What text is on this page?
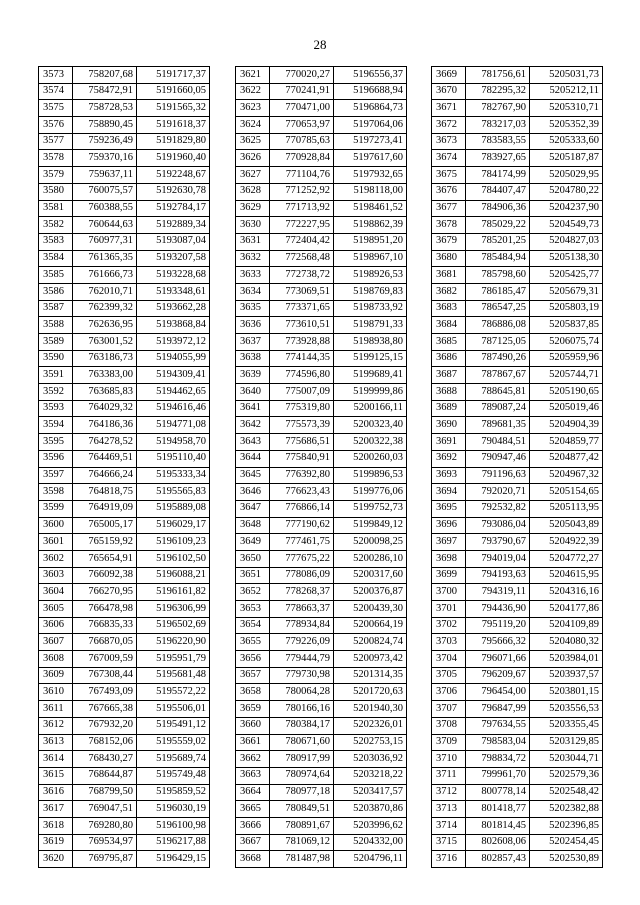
28
3573	758207,68	5191717,37
3574	758472,91	5191660,05
3575	758728,53	5191565,32
3576	758890,45	5191618,37
3577	759236,49	5191829,80
3578	759370,16	5191960,40
3579	759637,11	5192248,67
3580	760075,57	5192630,78
3581	760388,55	5192784,17
3582	760644,63	5192889,34
3583	760977,31	5193087,04
3584	761365,35	5193207,58
3585	761666,73	5193228,68
3586	762010,71	5193348,61
3587	762399,32	5193662,28
3588	762636,95	5193868,84
3589	763001,52	5193972,12
3590	763186,73	5194055,99
3591	763383,00	5194309,41
3592	763685,83	5194462,65
3593	764029,32	5194616,46
3594	764186,36	5194771,08
3595	764278,52	5194958,70
3596	764469,51	5195110,40
3597	764666,24	5195333,34
3598	764818,75	5195565,83
3599	764919,09	5195889,08
3600	765005,17	5196029,17
3601	765159,92	5196109,23
3602	765654,91	5196102,50
3603	766092,38	5196088,21
3604	766270,95	5196161,82
3605	766478,98	5196306,99
3606	766835,33	5196502,69
3607	766870,05	5196220,90
3608	767009,59	5195951,79
3609	767308,44	5195681,48
3610	767493,09	5195572,22
3611	767665,38	5195506,01
3612	767932,20	5195491,12
3613	768152,06	5195559,02
3614	768430,27	5195689,74
3615	768644,87	5195749,48
3616	768799,50	5195859,52
3617	769047,51	5196030,19
3618	769280,80	5196100,98
3619	769534,97	5196217,88
3620	769795,87	5196429,15
3621	770020,27	5196556,37
3622	770241,91	5196688,94
3623	770471,00	5196864,73
3624	770653,97	5197064,06
3625	770785,63	5197273,41
3626	770928,84	5197617,60
3627	771104,76	5197932,65
3628	771252,92	5198118,00
3629	771713,92	5198461,52
3630	772227,95	5198862,39
3631	772404,42	5198951,20
3632	772568,48	5198967,10
3633	772738,72	5198926,53
3634	773069,51	5198769,83
3635	773371,65	5198733,92
3636	773610,51	5198791,33
3637	773928,88	5198938,80
3638	774144,35	5199125,15
3639	774596,80	5199689,41
3640	775007,09	5199999,86
3641	775319,80	5200166,11
3642	775573,39	5200323,40
3643	775686,51	5200322,38
3644	775840,91	5200260,03
3645	776392,80	5199896,53
3646	776623,43	5199776,06
3647	776866,14	5199752,73
3648	777190,62	5199849,12
3649	777461,75	5200098,25
3650	777675,22	5200286,10
3651	778086,09	5200317,60
3652	778268,37	5200376,87
3653	778663,37	5200439,30
3654	778934,84	5200664,19
3655	779226,09	5200824,74
3656	779444,79	5200973,42
3657	779730,98	5201314,35
3658	780064,28	5201720,63
3659	780166,16	5201940,30
3660	780384,17	5202326,01
3661	780671,60	5202753,15
3662	780917,99	5203036,92
3663	780974,64	5203218,22
3664	780977,18	5203417,57
3665	780849,51	5203870,86
3666	780891,67	5203996,62
3667	781069,12	5204332,00
3668	781487,98	5204796,11
3669	781756,61	5205031,73
3670	782295,32	5205212,11
3671	782767,90	5205310,71
3672	783217,03	5205352,39
3673	783583,55	5205333,60
3674	783927,65	5205187,87
3675	784174,99	5205029,95
3676	784407,47	5204780,22
3677	784906,36	5204237,90
3678	785029,22	5204549,73
3679	785201,25	5204827,03
3680	785484,94	5205138,30
3681	785798,60	5205425,77
3682	786185,47	5205679,31
3683	786547,25	5205803,19
3684	786886,08	5205837,85
3685	787125,05	5206075,74
3686	787490,26	5205959,96
3687	787867,67	5205744,71
3688	788645,81	5205190,65
3689	789087,24	5205019,46
3690	789681,35	5204904,39
3691	790484,51	5204859,77
3692	790947,46	5204877,42
3693	791196,63	5204967,32
3694	792020,71	5205154,65
3695	792532,82	5205113,95
3696	793086,04	5205043,89
3697	793790,67	5204922,39
3698	794019,04	5204772,27
3699	794193,63	5204615,95
3700	794319,11	5204316,16
3701	794436,90	5204177,86
3702	795119,20	5204109,89
3703	795666,32	5204080,32
3704	796071,66	5203984,01
3705	796209,67	5203937,57
3706	796454,00	5203801,15
3707	796847,99	5203556,53
3708	797634,55	5203355,45
3709	798583,04	5203129,85
3710	798834,72	5203044,71
3711	799961,70	5202579,36
3712	800778,14	5202548,42
3713	801418,77	5202382,88
3714	801814,45	5202396,85
3715	802608,06	5202454,45
3716	802857,43	5202530,89
